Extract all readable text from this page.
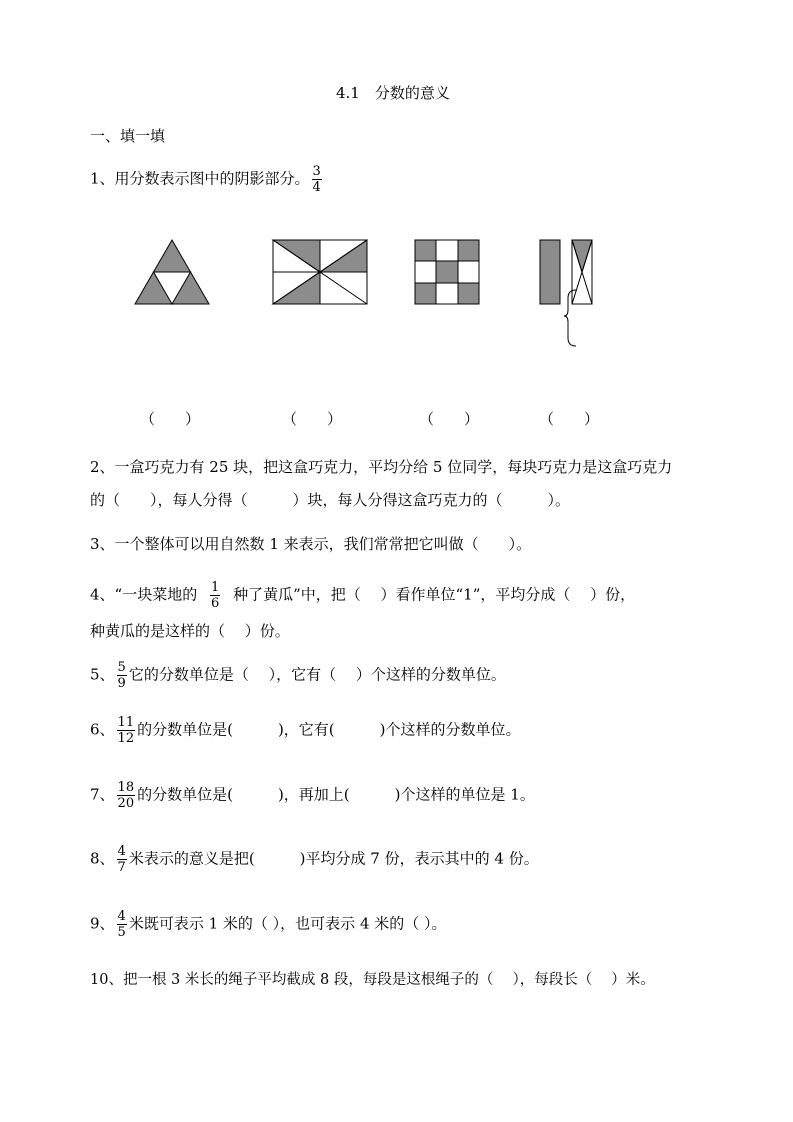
4.1　分数的意义
一、填一填
1、用分数表示图中的阴影部分。 $\frac{3}{4}$
（　　）	（　　）	（　　）	（　　）
2、一盒巧克力有 25 块，把这盒巧克力，平均分给 5 位同学，每块巧克力是这盒巧克力
的（　　），每人分得（　　　）块，每人分得这盒巧克力的（　　　）。
3、一个整体可以用自然数 1 来表示，我们常常把它叫做（　　）。
4、“一块菜地的 $\frac{1}{6}$ 种了黄瓜”中，把（　 ）看作单位“1”，平均分成（　 ）份，
种黄瓜的是这样的（　 ）份。
5、 $\frac{5}{9}$ 它的分数单位是（　 ），它有（　 ）个这样的分数单位。
6、 $\frac{11}{12}$ 的分数单位是(　　　)，它有(　　　)个这样的分数单位。
7、 $\frac{18}{20}$ 的分数单位是(　　　)，再加上(　　　)个这样的单位是 1。
8、 $\frac{4}{7}$ 米表示的意义是把(　　　)平均分成 7 份，表示其中的 4 份。
9、 $\frac{4}{5}$ 米既可表示 1 米的（ ），也可表示 4 米的（ ）。
10、把一根 3 米长的绳子平均截成 8 段，每段是这根绳子的（　 ），每段长（　 ）米。
